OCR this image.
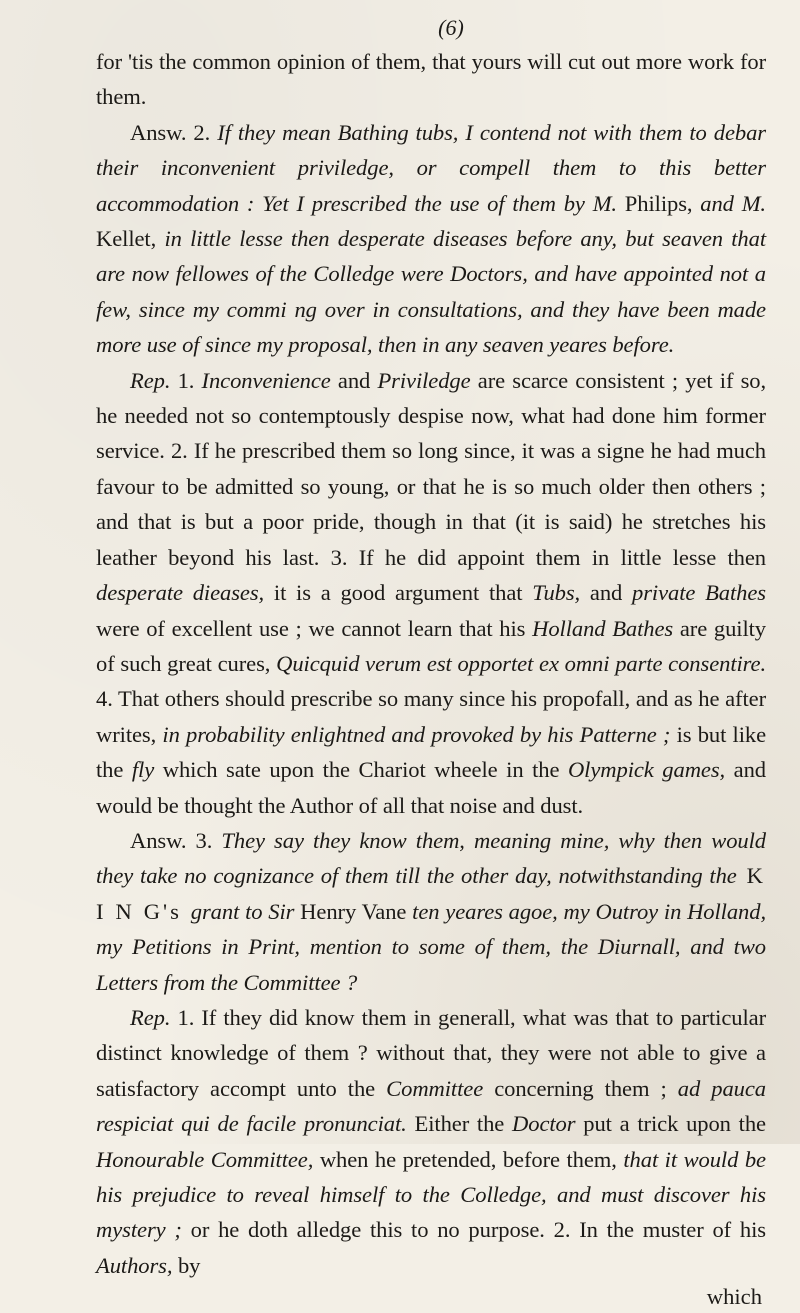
(6)

for 'tis the common opinion of them, that yours will cut out more work for them.

Answ. 2. If they mean Bathing tubs, I contend not with them to debar their inconvenient priviledge, or compell them to this better accommodation : Yet I prescribed the use of them by M. Philips, and M. Kellet, in little lesse then desperate diseases before any, but seaven that are now fellowes of the Colledge were Doctors, and have appointed not a few, since my commi ng over in consultations, and they have been made more use of since my proposal, then in any seaven yeares before.

Rep. 1. Inconvenience and Priviledge are scarce consistent ; yet if so, he needed not so contemptously despise now, what had done him former service. 2. If he prescribed them so long since, it was a signe he had much favour to be admitted so young, or that he is so much older then others ; and that is but a poor pride, though in that (it is said) he stretches his leather beyond his last. 3. If he did appoint them in little lesse then desperate dieases, it is a good argument that Tubs, and private Bathes were of excellent use ; we cannot learn that his Holland Bathes are guilty of such great cures, Quicquid verum est opportet ex omni parte consentire. 4. That others should prescribe so many since his propofall, and as he after writes, in probability enlightned and provoked by his Patterne ; is but like the fly which sate upon the Chariot wheele in the Olympick games, and would be thought the Author of all that noise and dust.

Answ. 3. They say they know them, meaning mine, why then would they take no cognizance of them till the other day, notwithstanding the K I N G's grant to Sir Henry Vane ten yeares agoe, my Outroy in Holland, my Petitions in Print, mention to some of them, the Diurnall, and two Letters from the Committee ?

Rep. 1. If they did know them in generall, what was that to particular distinct knowledge of them ? without that, they were not able to give a satisfactory accompt unto the Committee concerning them ; ad pauca respiciat qui de facile pronunciat. Either the Doctor put a trick upon the Honourable Committee, when he pretended, before them, that it would be his prejudice to reveal himself to the Colledge, and must discover his mystery ; or he doth alledge this to no purpose. 2. In the muster of his Authors, by

which
